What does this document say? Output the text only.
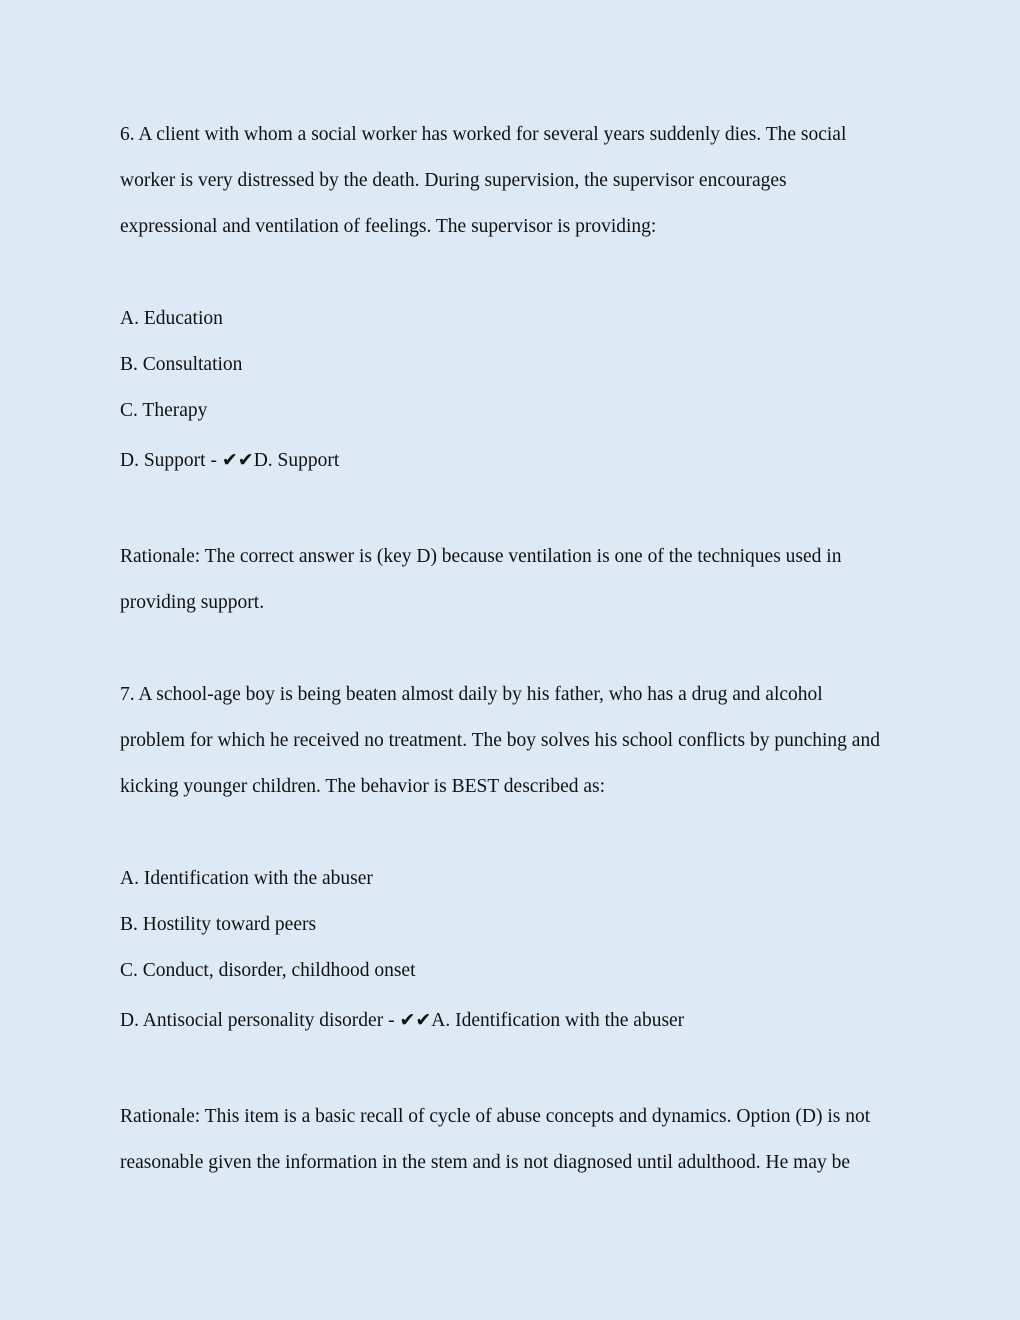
6. A client with whom a social worker has worked for several years suddenly dies. The social

worker is very distressed by the death. During supervision, the supervisor encourages

expressional and ventilation of feelings. The supervisor is providing:

A. Education

B. Consultation

C. Therapy

D. Support - ✔✔D. Support

Rationale: The correct answer is (key D) because ventilation is one of the techniques used in

providing support.

7. A school-age boy is being beaten almost daily by his father, who has a drug and alcohol

problem for which he received no treatment. The boy solves his school conflicts by punching and

kicking younger children. The behavior is BEST described as:

A. Identification with the abuser

B. Hostility toward peers

C. Conduct, disorder, childhood onset

D. Antisocial personality disorder - ✔✔A. Identification with the abuser

Rationale: This item is a basic recall of cycle of abuse concepts and dynamics. Option (D) is not

reasonable given the information in the stem and is not diagnosed until adulthood. He may be
